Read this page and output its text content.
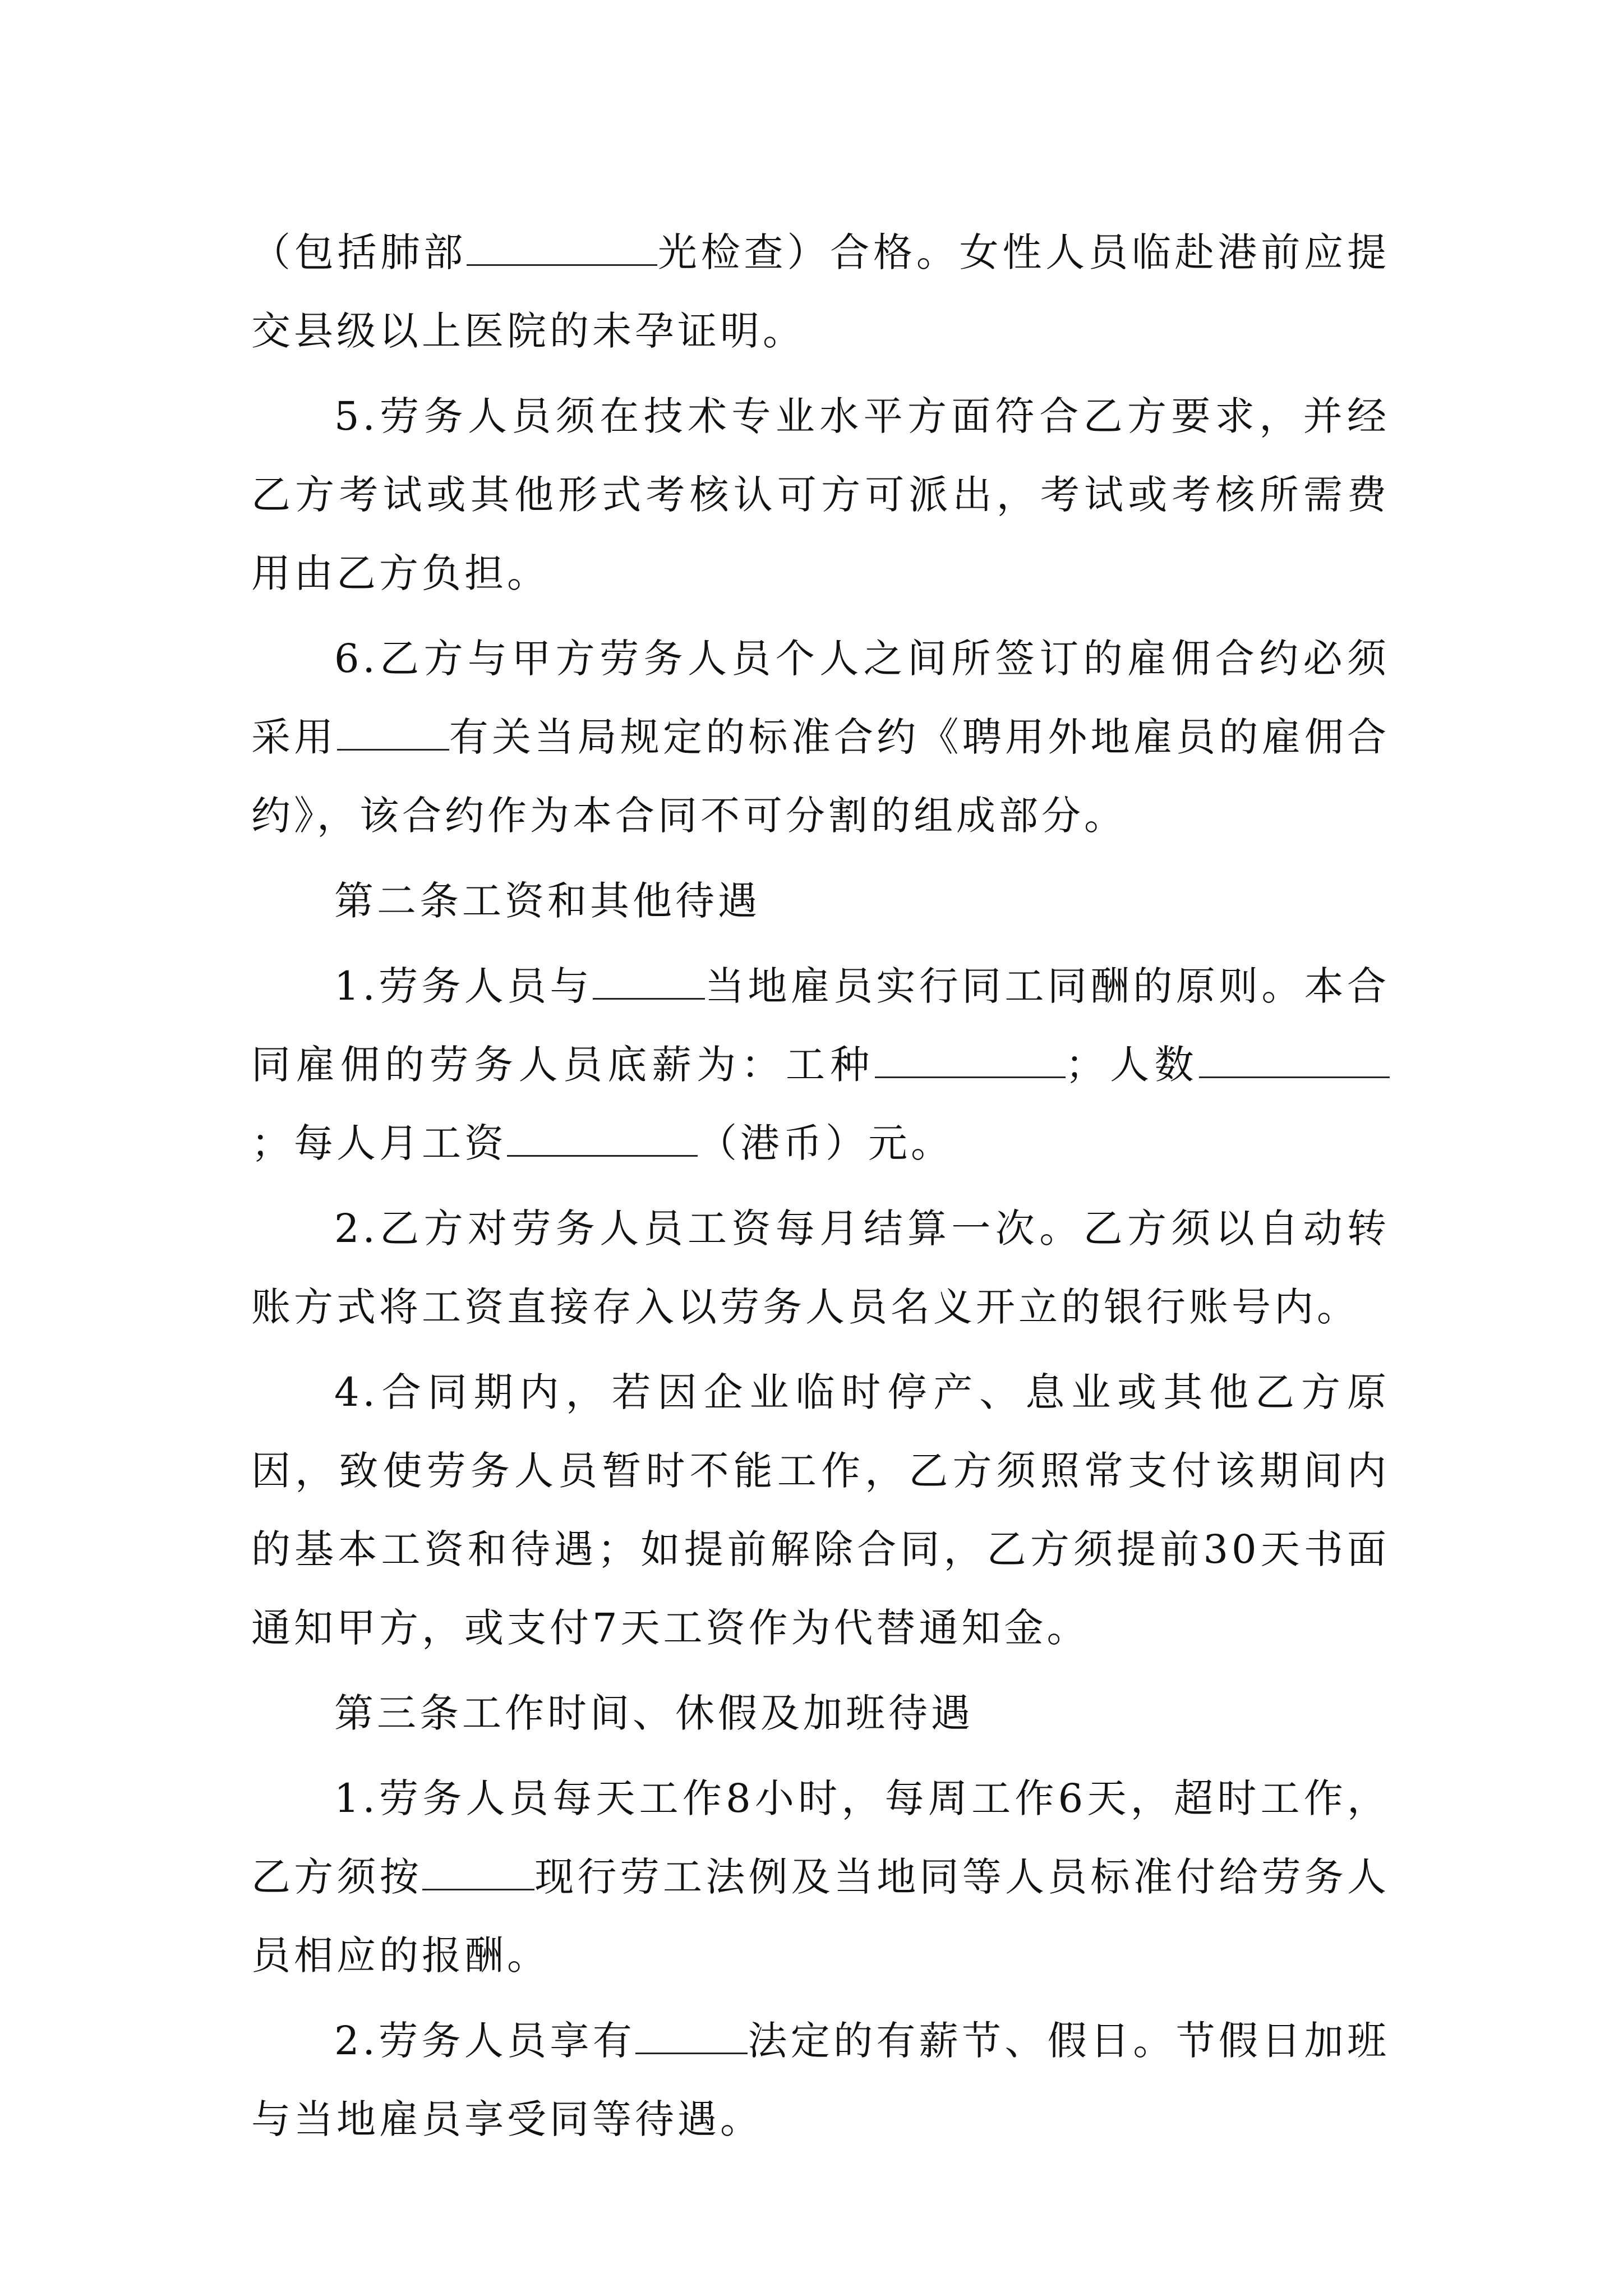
（包括肺部	光检查）合格。女性人员临赴港前应提交县级以上医院的未孕证明。

5.劳务人员须在技术专业水平方面符合乙方要求，并经乙方考试或其他形式考核认可方可派出，考试或考核所需费用由乙方负担。

6.乙方与甲方劳务人员个人之间所签订的雇佣合约必须采用	有关当局规定的标准合约《聘用外地雇员的雇佣合约》，该合约作为本合同不可分割的组成部分。

第二条工资和其他待遇

1.劳务人员与	当地雇员实行同工同酬的原则。本合同雇佣的劳务人员底薪为：工种	；人数；每人月工资	（港币）元。

2.乙方对劳务人员工资每月结算一次。乙方须以自动转账方式将工资直接存入以劳务人员名义开立的银行账号内。

4.合同期内，若因企业临时停产、息业或其他乙方原因，致使劳务人员暂时不能工作，乙方须照常支付该期间内的基本工资和待遇；如提前解除合同，乙方须提前30天书面通知甲方，或支付7天工资作为代替通知金。

第三条工作时间、休假及加班待遇

1.劳务人员每天工作8小时，每周工作6天，超时工作，乙方须按	现行劳工法例及当地同等人员标准付给劳务人员相应的报酬。

2.劳务人员享有	法定的有薪节、假日。节假日加班与当地雇员享受同等待遇。
